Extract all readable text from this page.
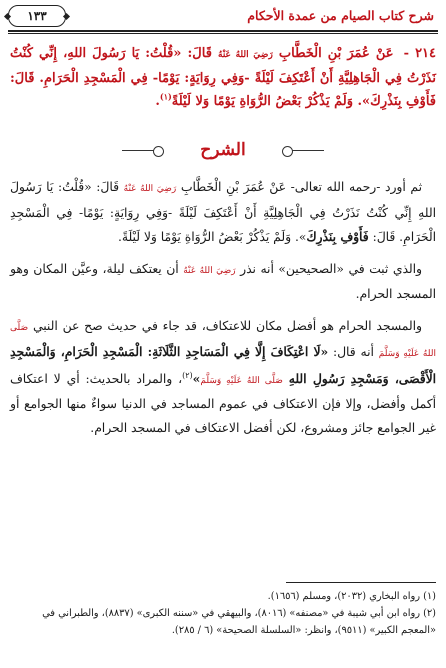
شرح كتاب الصيام من عمدة الأحكام
١٣٣
٢١٤ - عَنْ عُمَرَ بْنِ الْخَطَّابِ رَضِيَ اللهُ عَنْهُ قَالَ: «قُلْتُ: يَا رَسُولَ اللهِ، إِنِّي كُنْتُ نَذَرْتُ فِي الْجَاهِلِيَّةِ أَنْ أَعْتَكِفَ لَيْلَةً -وَفِي رِوَايَةٍ: يَوْمًا- فِي الْمَسْجِدِ الْحَرَامِ. قَالَ: فَأَوْفِ بِنَذْرِكَ». وَلَمْ يَذْكُرْ بَعْضُ الرُّوَاةِ يَوْمًا وَلا لَيْلَةً$^{(١)}$.
الشرح

ثم أورد -رحمه الله تعالى- عَنْ عُمَرَ بْنِ الْخَطَّابِ رَضِيَ اللهُ عَنْهُ قَالَ: «قُلْتُ: يَا رَسُولَ اللهِ إِنِّي كُنْتُ نَذَرْتُ فِي الْجَاهِلِيَّةِ أَنْ أَعْتَكِفَ لَيْلَةً -وَفِي رِوَايَةٍ: يَوْمًا- فِي الْمَسْجِدِ الْحَرَامِ. قَالَ: فَأَوْفِ بِنَذْرِكَ». وَلَمْ يَذْكُرْ بَعْضُ الرُّوَاةِ يَوْمًا وَلا لَيْلَةً.

والذي ثبت في «الصحيحين» أنه نذر رَضِيَ اللهُ عَنْهُ أن يعتكف ليلة، وعيَّن المكان وهو المسجد الحرام.

والمسجد الحرام هو أفضل مكان للاعتكاف، قد جاء في حديث صح عن النبي صَلَّى اللهُ عَلَيْهِ وَسَلَّمَ أنه قال: «لَا اعْتِكَافَ إِلَّا فِي الْمَسَاجِدِ الثَّلَاثَةِ: الْمَسْجِدِ الْحَرَامِ، وَالْمَسْجِدِ الْأَقْصَى، وَمَسْجِدِ رَسُولِ اللهِ صَلَّى اللهُ عَلَيْهِ وَسَلَّمَ»$^{(٢)}$، والمراد بالحديث: أي لا اعتكاف أكمل وأفضل، وإلا فإن الاعتكاف في عموم المساجد في الدنيا سواءٌ منها الجوامع أو غير الجوامع جائز ومشروع، لكن أفضل الاعتكاف في المسجد الحرام.

(١) رواه البخاري (٢٠٣٢)، ومسلم (١٦٥٦).
(٢) رواه ابن أبي شيبة في «مصنفه» (٨٠١٦)، والبيهقي في «سننه الكبرى» (٨٨٣٧)، والطبراني في «المعجم الكبير» (٩٥١١)، وانظر: «السلسلة الصحيحة» (٦ / ٢٨٥).
